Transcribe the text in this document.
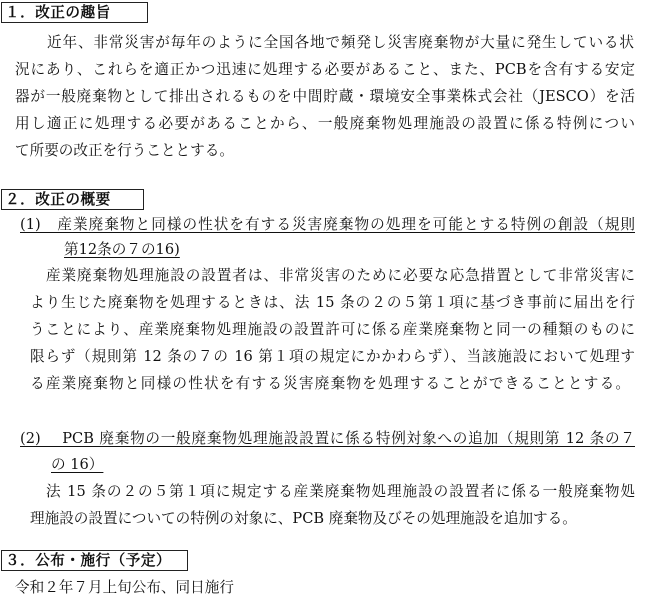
１．改正の趣旨
近年、非常災害が毎年のように全国各地で頻発し災害廃棄物が大量に発生している状
況にあり、これらを適正かつ迅速に処理する必要があること、また、PCBを含有する安定
器が一般廃棄物として排出されるものを中間貯蔵・環境安全事業株式会社（JESCO）を活
用し適正に処理する必要があることから、一般廃棄物処理施設の設置に係る特例につい
て所要の改正を行うこととする。
２．改正の概要
(1)　産業廃棄物と同様の性状を有する災害廃棄物の処理を可能とする特例の創設（規則
第12条の７の16)
産業廃棄物処理施設の設置者は、非常災害のために必要な応急措置として非常災害に
より生じた廃棄物を処理するときは、法 15 条の２の５第１項に基づき事前に届出を行
うことにより、産業廃棄物処理施設の設置許可に係る産業廃棄物と同一の種類のものに
限らず（規則第 12 条の７の 16 第１項の規定にかかわらず）、当該施設において処理す
る産業廃棄物と同様の性状を有する災害廃棄物を処理することができることとする。
(2)　 PCB 廃棄物の一般廃棄物処理施設設置に係る特例対象への追加（規則第 12 条の７
の 16）
法 15 条の２の５第１項に規定する産業廃棄物処理施設の設置者に係る一般廃棄物処
理施設の設置についての特例の対象に、PCB 廃棄物及びその処理施設を追加する。
３．公布・施行（予定）
令和２年７月上旬公布、同日施行
